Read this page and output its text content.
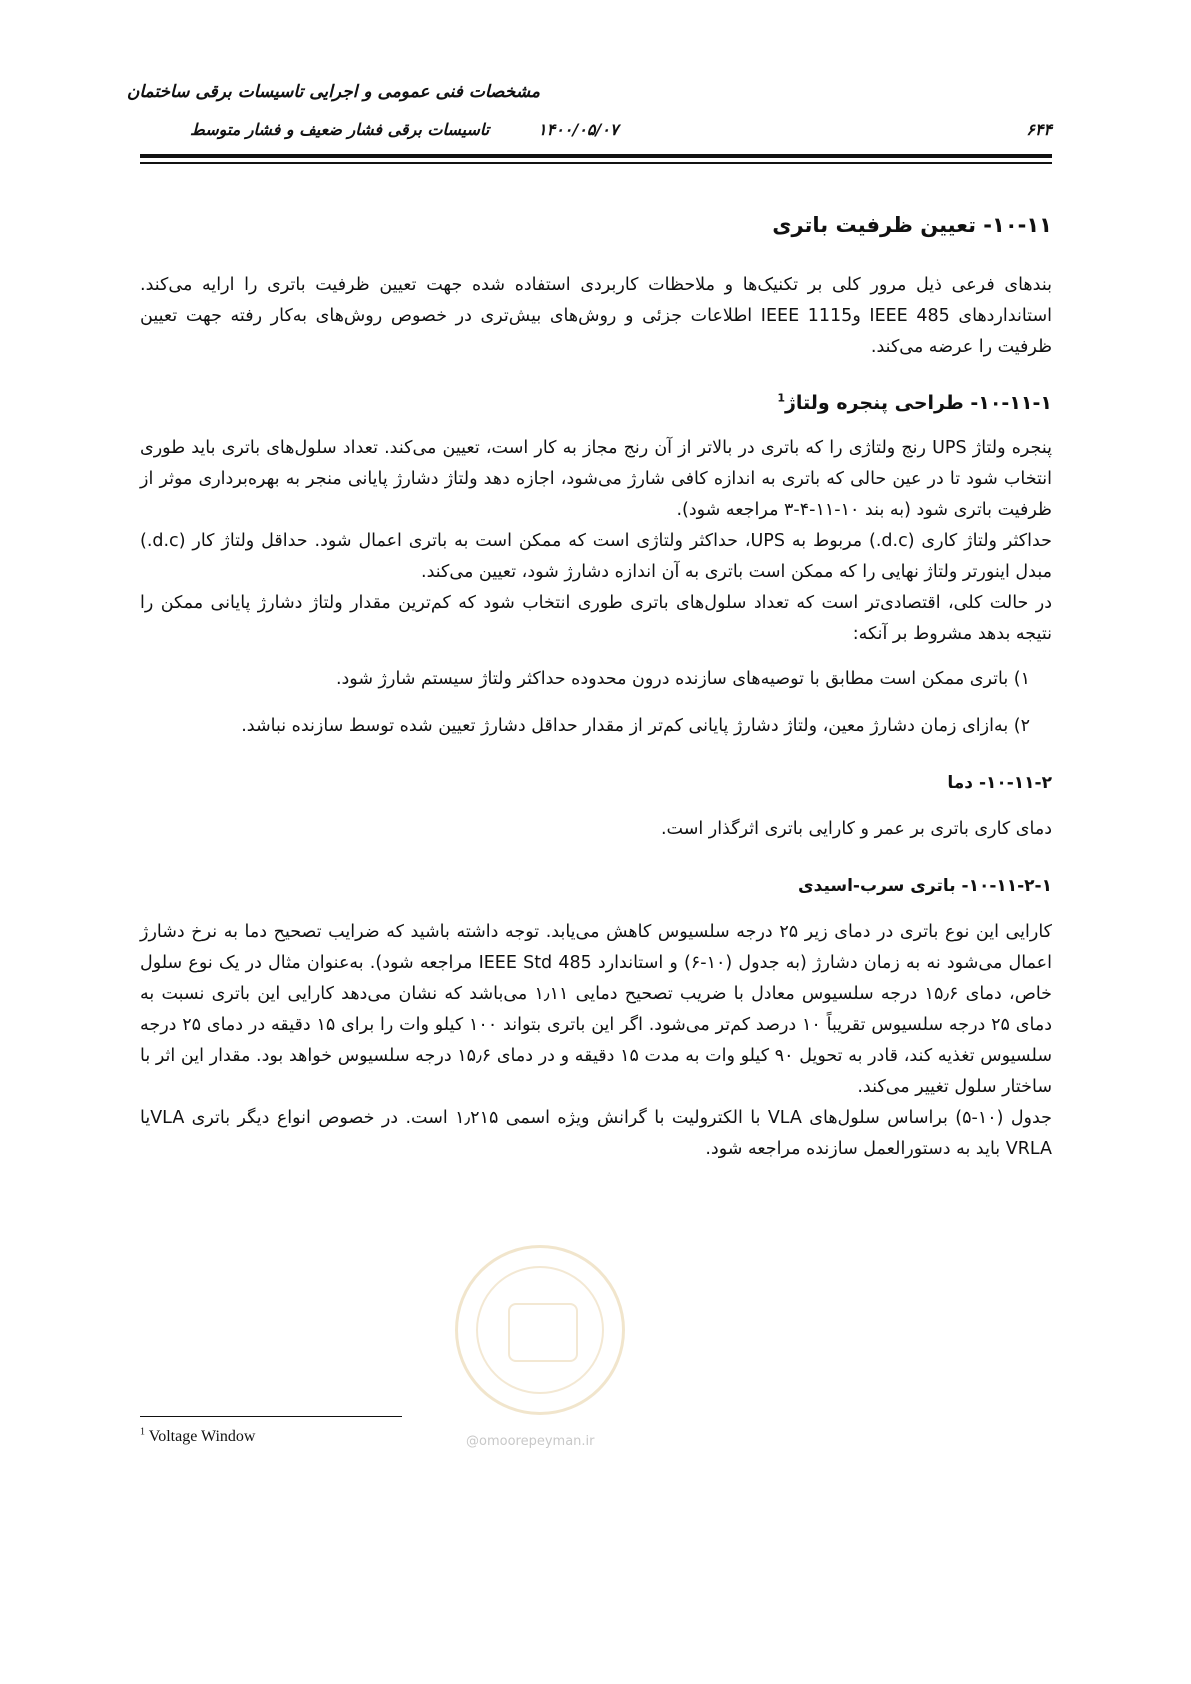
مشخصات فنی عمومی و اجرایی تاسیسات برقی ساختمان
تاسیسات برقی فشار ضعیف و فشار متوسط	۱۴۰۰/۰۵/۰۷	۶۴۴
۱۰-۱۱- تعیین ظرفیت باتری

بندهای فرعی ذیل مرور کلی بر تکنیک‌ها و ملاحظات کاربردی استفاده شده جهت تعیین ظرفیت باتری را ارایه می‌کند. استانداردهای IEEE 485 وIEEE 1115 اطلاعات جزئی و روش‌های بیش‌تری در خصوص روش‌های به‌کار رفته جهت تعیین ظرفیت را عرضه می‌کند.

۱۰-۱۱-۱- طراحی پنجره ولتاژ$^1$

پنجره ولتاژ UPS رنج ولتاژی را که باتری در بالاتر از آن رنج مجاز به کار است، تعیین می‌کند. تعداد سلول‌های باتری باید طوری انتخاب شود تا در عین حالی که باتری به اندازه کافی شارژ می‌شود، اجازه دهد ولتاژ دشارژ پایانی منجر به بهره‌برداری موثر از ظرفیت باتری شود (به بند ۱۰-۱۱-۴-۳ مراجعه شود).

حداکثر ولتاژ کاری (d.c.) مربوط به UPS، حداکثر ولتاژی است که ممکن است به باتری اعمال شود. حداقل ولتاژ کار (d.c.) مبدل اینورتر ولتاژ نهایی را که ممکن است باتری به آن اندازه دشارژ شود، تعیین می‌کند.

در حالت کلی، اقتصادی‌تر است که تعداد سلول‌های باتری طوری انتخاب شود که کم‌ترین مقدار ولتاژ دشارژ پایانی ممکن را نتیجه بدهد مشروط بر آنکه:

۱) باتری ممکن است مطابق با توصیه‌های سازنده درون محدوده حداکثر ولتاژ سیستم شارژ شود.
۲) به‌ازای زمان دشارژ معین، ولتاژ دشارژ پایانی کم‌تر از مقدار حداقل دشارژ تعیین شده توسط سازنده نباشد.
۱۰-۱۱-۲- دما

دمای کاری باتری بر عمر و کارایی باتری اثرگذار است.

۱۰-۱۱-۲-۱- باتری سرب-اسیدی

کارایی این نوع باتری در دمای زیر ۲۵ درجه سلسیوس کاهش می‌یابد. توجه داشته باشید که ضرایب تصحیح دما به نرخ دشارژ اعمال می‌شود نه به زمان دشارژ (به جدول (۱۰-۶) و استاندارد IEEE Std 485 مراجعه شود). به‌عنوان مثال در یک نوع سلول خاص، دمای ۱۵٫۶ درجه سلسیوس معادل با ضریب تصحیح دمایی ۱٫۱۱ می‌باشد که نشان می‌دهد کارایی این باتری نسبت به دمای ۲۵ درجه سلسیوس تقریباً ۱۰ درصد کم‌تر می‌شود. اگر این باتری بتواند ۱۰۰ کیلو وات را برای ۱۵ دقیقه در دمای ۲۵ درجه سلسیوس تغذیه کند، قادر به تحویل ۹۰ کیلو وات به مدت ۱۵ دقیقه و در دمای ۱۵٫۶ درجه سلسیوس خواهد بود. مقدار این اثر با ساختار سلول تغییر می‌کند.

جدول (۱۰-۵) براساس سلول‌های VLA با الکترولیت با گرانش ویژه اسمی ۱٫۲۱۵ است. در خصوص انواع دیگر باتری VLAیا VRLA باید به دستورالعمل سازنده مراجعه شود.

$^1$ Voltage Window	@omoorepeyman.ir
